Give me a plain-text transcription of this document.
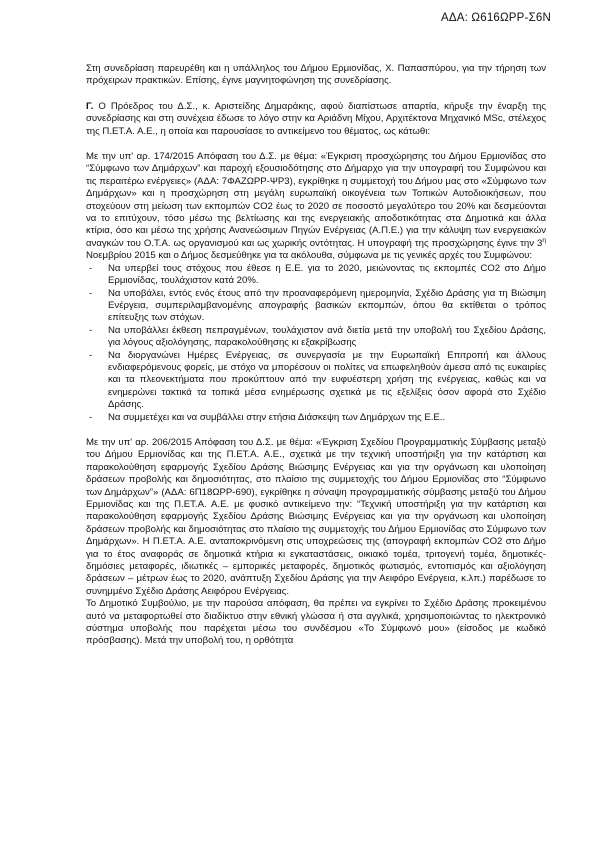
ΑΔΑ: Ω616ΩΡΡ-Σ6Ν

Στη συνεδρίαση παρευρέθη και η υπάλληλος του Δήμου Ερμιονίδας, Χ. Παπασπύρου, για την τήρηση των πρόχειρων πρακτικών. Επίσης, έγινε μαγνητοφώνηση της συνεδρίασης.

Γ. Ο Πρόεδρος του Δ.Σ., κ. Αριστείδης Δημαράκης, αφού διαπίστωσε απαρτία, κήρυξε την έναρξη της συνεδρίασης και στη συνέχεια έδωσε το λόγο στην κα Αριάδνη Μίχου, Αρχιτέκτονα Μηχανικό MSc, στέλεχος της Π.ΕΤ.Α. Α.Ε., η οποία και παρουσίασε το αντικείμενο του θέματος, ως κάτωθι:

Με την υπ' αρ. 174/2015 Απόφαση του Δ.Σ. με θέμα: «Έγκριση προσχώρησης του Δήμου Ερμιονίδας στο “Σύμφωνο των Δημάρχων” και παροχή εξουσιοδότησης στο Δήμαρχο για την υπογραφή του Συμφώνου και τις περαιτέρω ενέργειες» (ΑΔΑ: 7ΦΑΖΩΡΡ-ΨΡ3), εγκρίθηκε η συμμετοχή του Δήμου μας στο «Σύμφωνο των Δημάρχων» και η προσχώρηση στη μεγάλη ευρωπαϊκή οικογένεια των Τοπικών Αυτοδιοικήσεων, που στοχεύουν στη μείωση των εκπομπών CO2 έως το 2020 σε ποσοστό μεγαλύτερο του 20% και δεσμεύονται να το επιτύχουν, τόσο μέσω της βελτίωσης και της ενεργειακής αποδοτικότητας στα Δημοτικά και άλλα κτίρια, όσο και μέσω της χρήσης Ανανεώσιμων Πηγών Ενέργειας (Α.Π.Ε.) για την κάλυψη των ενεργειακών αναγκών του Ο.Τ.Α. ως οργανισμού και ως χωρικής οντότητας. Η υπογραφή της προσχώρησης έγινε την $3^\eta$ Νοεμβρίου 2015 και ο Δήμος δεσμεύθηκε για τα ακόλουθα, σύμφωνα με τις γενικές αρχές του Συμφώνου:

- Να υπερβεί τους στόχους που έθεσε η Ε.Ε. για το 2020, μειώνοντας τις εκπομπές CO2 στο Δήμο Ερμιονίδας, τουλάχιστον κατά 20%.
- Να υποβάλει, εντός ενός έτους από την προαναφερόμενη ημερομηνία, Σχέδιο Δράσης για τη Βιώσιμη Ενέργεια, συμπεριλαμβανομένης απογραφής βασικών εκπομπών, όπου θα εκτίθεται ο τρόπος επίτευξης των στόχων.
- Να υποβάλλει έκθεση πεπραγμένων, τουλάχιστον ανά διετία μετά την υποβολή του Σχεδίου Δράσης, για λόγους αξιολόγησης, παρακολούθησης κι εξακρίβωσης
- Να διοργανώνει Ημέρες Ενέργειας, σε συνεργασία με την Ευρωπαϊκή Επιτροπή και άλλους ενδιαφερόμενους φορείς, με στόχο να μπορέσουν οι πολίτες να επωφεληθούν άμεσα από τις ευκαιρίες και τα πλεονεκτήματα που προκύπτουν από την ευφυέστερη χρήση της ενέργειας, καθώς και να ενημερώνει τακτικά τα τοπικά μέσα ενημέρωσης σχετικά με τις εξελίξεις όσον αφορά στο Σχέδιο Δράσης.
- Να συμμετέχει και να συμβάλλει στην ετήσια Διάσκεψη των Δημάρχων της Ε.Ε..

Με την υπ' αρ. 206/2015 Απόφαση του Δ.Σ. με θέμα: «Έγκριση Σχεδίου Προγραμματικής Σύμβασης μεταξύ του Δήμου Ερμιονίδας και της Π.ΕΤ.Α. Α.Ε., σχετικά με την τεχνική υποστήριξη για την κατάρτιση και παρακολούθηση εφαρμογής Σχεδίου Δράσης Βιώσιμης Ενέργειας και για την οργάνωση και υλοποίηση δράσεων προβολής και δημοσιότητας, στο πλαίσιο της συμμετοχής του Δήμου Ερμιονίδας στο “Σύμφωνο των Δημάρχων”» (ΑΔΑ: 6Π18ΩΡΡ-690), εγκρίθηκε η σύναψη προγραμματικής σύμβασης μεταξύ του Δήμου Ερμιονίδας και της Π.ΕΤ.Α. Α.Ε. με φυσικό αντικείμενο την: “Τεχνική υποστήριξη για την κατάρτιση και παρακολούθηση εφαρμογής Σχεδίου Δράσης Βιώσιμης Ενέργειας και για την οργάνωση και υλοποίηση δράσεων προβολής και δημοσιότητας στο πλαίσιο της συμμετοχής του Δήμου Ερμιονίδας στο Σύμφωνο των Δημάρχων». Η Π.ΕΤ.Α. Α.Ε. ανταποκρινόμενη στις υποχρεώσεις της (απογραφή εκπομπών CO2 στο Δήμο για το έτος αναφοράς σε δημοτικά κτήρια κι εγκαταστάσεις, οικιακό τομέα, τριτογενή τομέα, δημοτικές-δημόσιες μεταφορές, ιδιωτικές – εμπορικές μεταφορές, δημοτικός φωτισμός, εντοπισμός και αξιολόγηση δράσεων – μέτρων έως το 2020, ανάπτυξη Σχεδίου Δράσης για την Αειφόρο Ενέργεια, κ.λπ.) παρέδωσε το συνημμένο Σχέδιο Δράσης Αειφόρου Ενέργειας.

Το Δημοτικό Συμβούλιο, με την παρούσα απόφαση, θα πρέπει να εγκρίνει το Σχέδιο Δράσης προκειμένου αυτό να μεταφορτωθεί στο διαδίκτυο στην εθνική γλώσσα ή στα αγγλικά, χρησιμοποιώντας το ηλεκτρονικό σύστημα υποβολής που παρέχεται μέσω του συνδέσμου «Το Σύμφωνό μου» (είσοδος με κωδικό πρόσβασης). Μετά την υποβολή του, η ορθότητα
